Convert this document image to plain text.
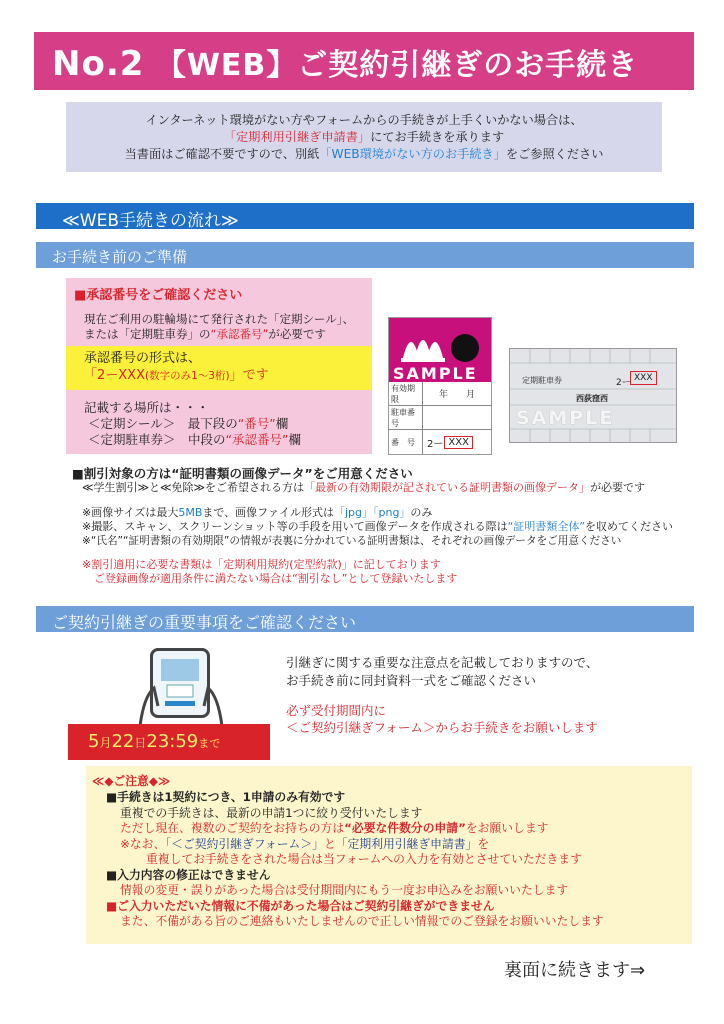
No.2 【WEB】ご契約引継ぎのお手続き
インターネット環境がない方やフォームからの手続きが上手くいかない場合は、
「定期利用引継ぎ申請書」にてお手続きを承ります
当書面はご確認不要ですので、別紙「WEB環境がない方のお手続き」をご参照ください
≪WEB手続きの流れ≫
お手続き前のご準備
■承認番号をご確認ください
現在ご利用の駐輪場にて発行された「定期シール」、
または「定期駐車券」の“承認番号”が必要です
記載する場所は・・・
＜定期シール＞　最下段の“番号”欄
＜定期駐車券＞　中段の“承認番号”欄
承認番号の形式は、
「2ーXXX(数字のみ1～3桁)」です	SAMPLE
有効期限	年　　月
駐車番号
番　号	2ー XXX
定期駐車券	2ー XXX
西荻窪西
SAMPLE
■割引対象の方は“証明書類の画像データ”をご用意ください
≪学生割引≫と≪免除≫をご希望される方は「最新の有効期限が記されている証明書類の画像データ」が必要です
※画像サイズは最大5MBまで、画像ファイル形式は「jpg」「png」のみ
※撮影、スキャン、スクリーンショット等の手段を用いて画像データを作成される際は“証明書類全体”を収めてください
※“氏名”“証明書類の有効期限”の情報が表裏に分かれている証明書類は、それぞれの画像データをご用意ください
※割引適用に必要な書類は「定期利用規約(定型約款)」に記しております
ご登録画像が適用条件に満たない場合は“割引なし”として登録いたします
ご契約引継ぎの重要事項をご確認ください
5月22日23:59まで
引継ぎに関する重要な注意点を記載しておりますので、
お手続き前に同封資料一式をご確認ください
必ず受付期間内に
＜ご契約引継ぎフォーム＞からお手続きをお願いします
≪◆ご注意◆≫
■手続きは1契約につき、1申請のみ有効です
重複での手続きは、最新の申請1つに絞り受付いたします
ただし現在、複数のご契約をお持ちの方は“必要な件数分の申請”をお願いします
※なお、「＜ご契約引継ぎフォーム＞」と「定期利用引継ぎ申請書」を
重複してお手続きをされた場合は当フォームへの入力を有効とさせていただきます
■入力内容の修正はできません
情報の変更・誤りがあった場合は受付期間内にもう一度お申込みをお願いいたします
■ご入力いただいた情報に不備があった場合はご契約引継ぎができません
また、不備がある旨のご連絡もいたしませんので正しい情報でのご登録をお願いいたします
裏面に続きます⇒
